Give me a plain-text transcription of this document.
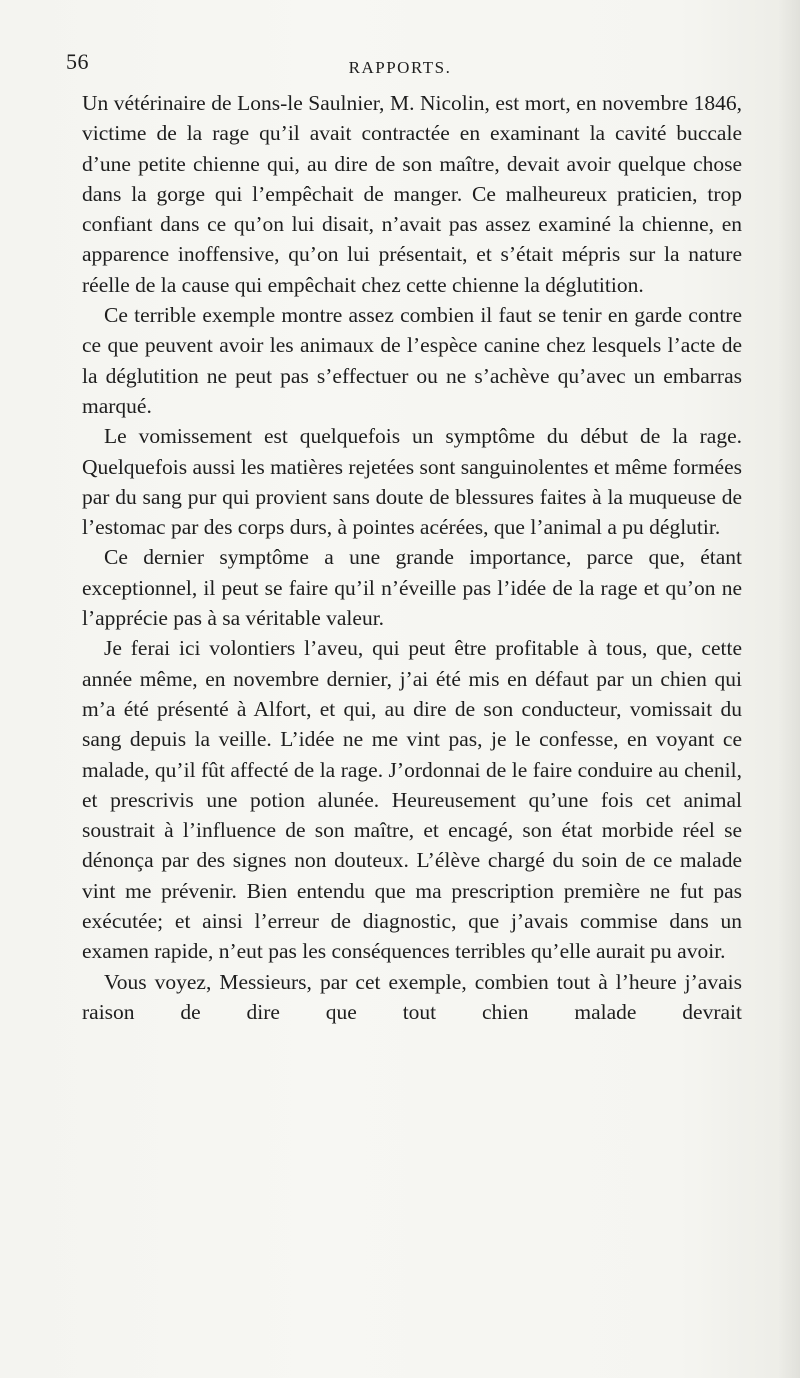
56	RAPPORTS.

Un vétérinaire de Lons-le Saulnier, M. Nicolin, est mort, en novembre 1846, victime de la rage qu’il avait contractée en examinant la cavité buccale d’une petite chienne qui, au dire de son maître, devait avoir quelque chose dans la gorge qui l’empêchait de manger. Ce malheureux praticien, trop confiant dans ce qu’on lui disait, n’avait pas assez examiné la chienne, en apparence inoffensive, qu’on lui présentait, et s’était mépris sur la nature réelle de la cause qui empêchait chez cette chienne la déglutition.

Ce terrible exemple montre assez combien il faut se tenir en garde contre ce que peuvent avoir les animaux de l’espèce canine chez lesquels l’acte de la déglutition ne peut pas s’effectuer ou ne s’achève qu’avec un embarras marqué.

Le vomissement est quelquefois un symptôme du début de la rage. Quelquefois aussi les matières rejetées sont sanguinolentes et même formées par du sang pur qui provient sans doute de blessures faites à la muqueuse de l’estomac par des corps durs, à pointes acérées, que l’animal a pu déglutir.

Ce dernier symptôme a une grande importance, parce que, étant exceptionnel, il peut se faire qu’il n’éveille pas l’idée de la rage et qu’on ne l’apprécie pas à sa véritable valeur.

Je ferai ici volontiers l’aveu, qui peut être profitable à tous, que, cette année même, en novembre dernier, j’ai été mis en défaut par un chien qui m’a été présenté à Alfort, et qui, au dire de son conducteur, vomissait du sang depuis la veille. L’idée ne me vint pas, je le confesse, en voyant ce malade, qu’il fût affecté de la rage. J’ordonnai de le faire conduire au chenil, et prescrivis une potion alunée. Heureusement qu’une fois cet animal soustrait à l’influence de son maître, et encagé, son état morbide réel se dénonça par des signes non douteux. L’élève chargé du soin de ce malade vint me prévenir. Bien entendu que ma prescription première ne fut pas exécutée; et ainsi l’erreur de diagnostic, que j’avais commise dans un examen rapide, n’eut pas les conséquences terribles qu’elle aurait pu avoir.

Vous voyez, Messieurs, par cet exemple, combien tout à l’heure j’avais raison de dire que tout chien malade devrait
